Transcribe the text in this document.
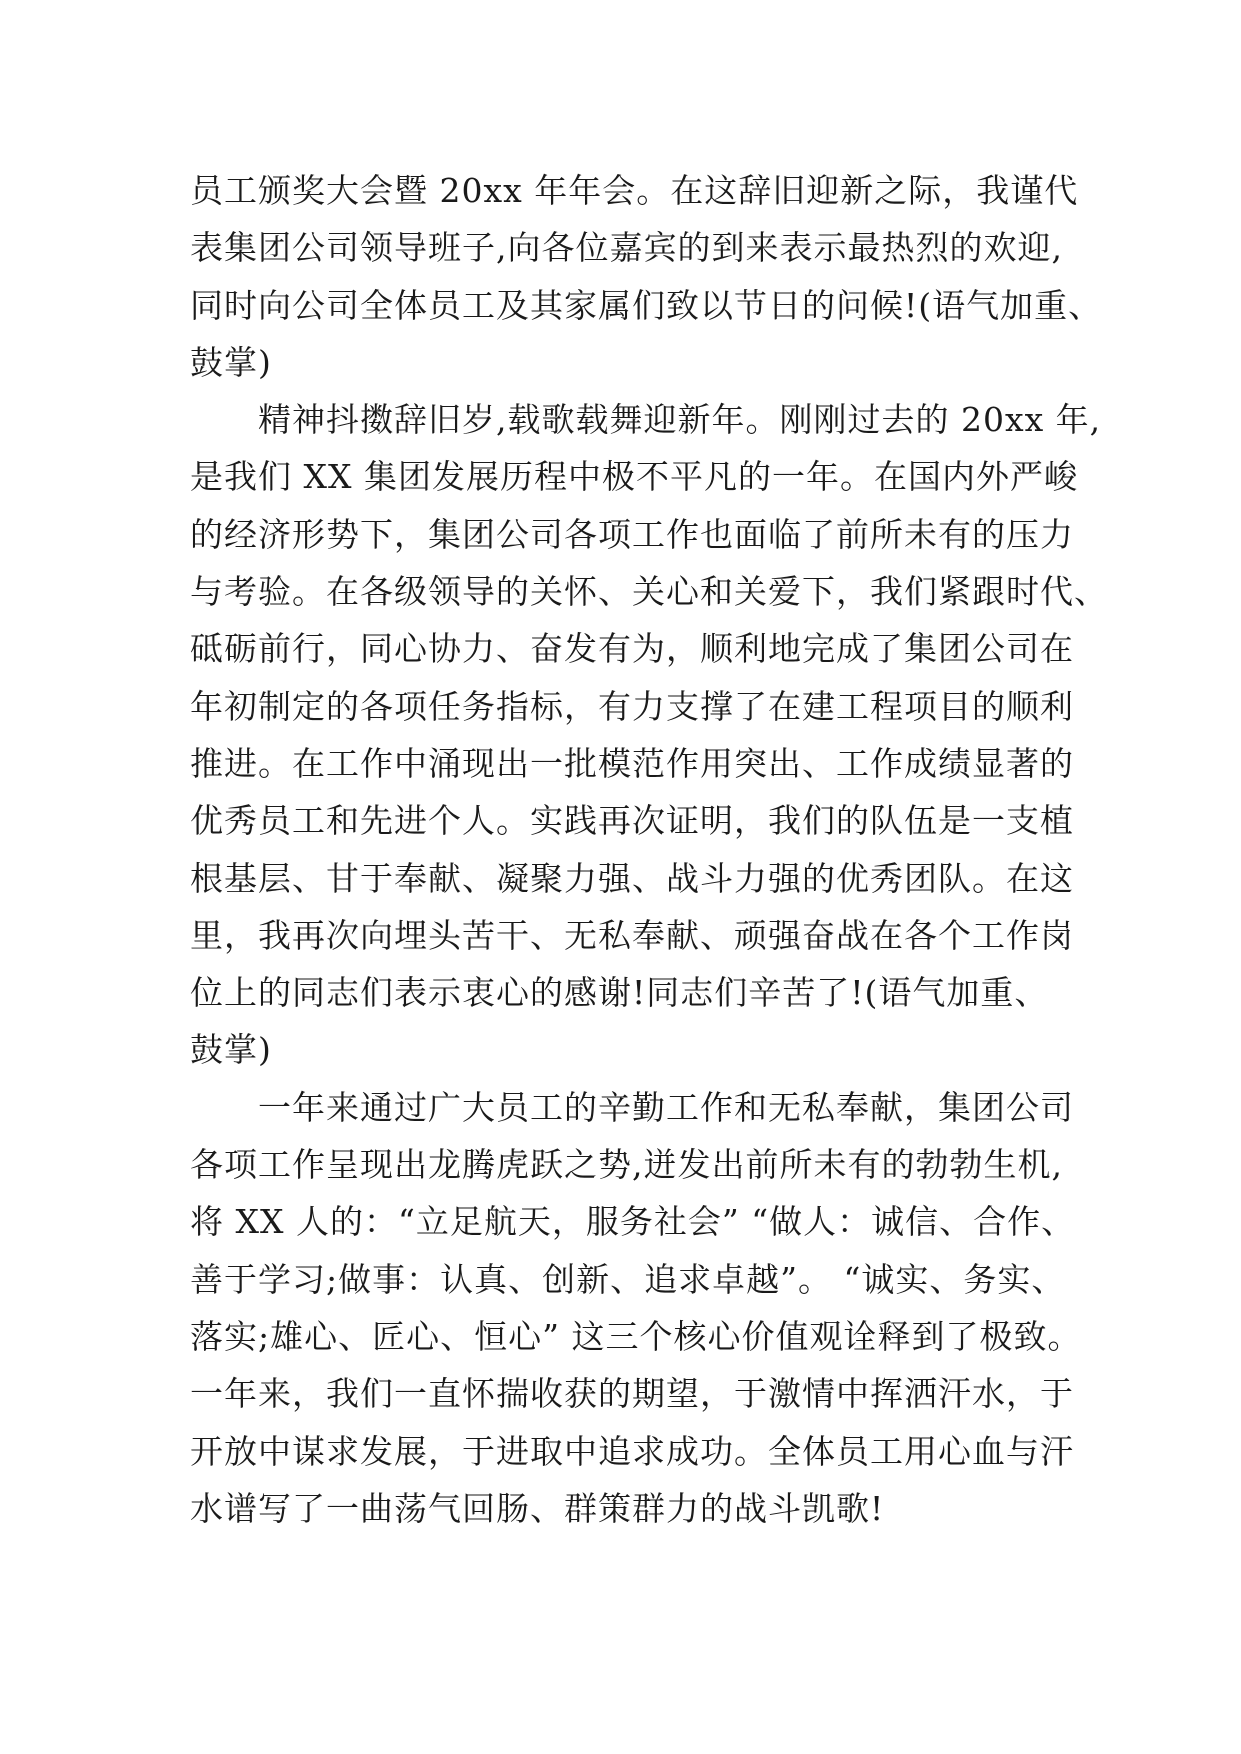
员工颁奖大会暨 20xx 年年会。在这辞旧迎新之际，我谨代
表集团公司领导班子,向各位嘉宾的到来表示最热烈的欢迎,
同时向公司全体员工及其家属们致以节日的问候!(语气加重、
鼓掌)
　　精神抖擞辞旧岁,载歌载舞迎新年。刚刚过去的 20xx 年,
是我们 XX 集团发展历程中极不平凡的一年。在国内外严峻
的经济形势下，集团公司各项工作也面临了前所未有的压力
与考验。在各级领导的关怀、关心和关爱下，我们紧跟时代、
砥砺前行，同心协力、奋发有为，顺利地完成了集团公司在
年初制定的各项任务指标，有力支撑了在建工程项目的顺利
推进。在工作中涌现出一批模范作用突出、工作成绩显著的
优秀员工和先进个人。实践再次证明，我们的队伍是一支植
根基层、甘于奉献、凝聚力强、战斗力强的优秀团队。在这
里，我再次向埋头苦干、无私奉献、顽强奋战在各个工作岗
位上的同志们表示衷心的感谢!同志们辛苦了!(语气加重、
鼓掌)
　　一年来通过广大员工的辛勤工作和无私奉献，集团公司
各项工作呈现出龙腾虎跃之势,迸发出前所未有的勃勃生机,
将 XX 人的：“立足航天，服务社会” “做人：诚信、合作、
善于学习;做事：认真、创新、追求卓越”。 “诚实、务实、
落实;雄心、匠心、恒心” 这三个核心价值观诠释到了极致。
一年来，我们一直怀揣收获的期望，于激情中挥洒汗水，于
开放中谋求发展，于进取中追求成功。全体员工用心血与汗
水谱写了一曲荡气回肠、群策群力的战斗凯歌!
